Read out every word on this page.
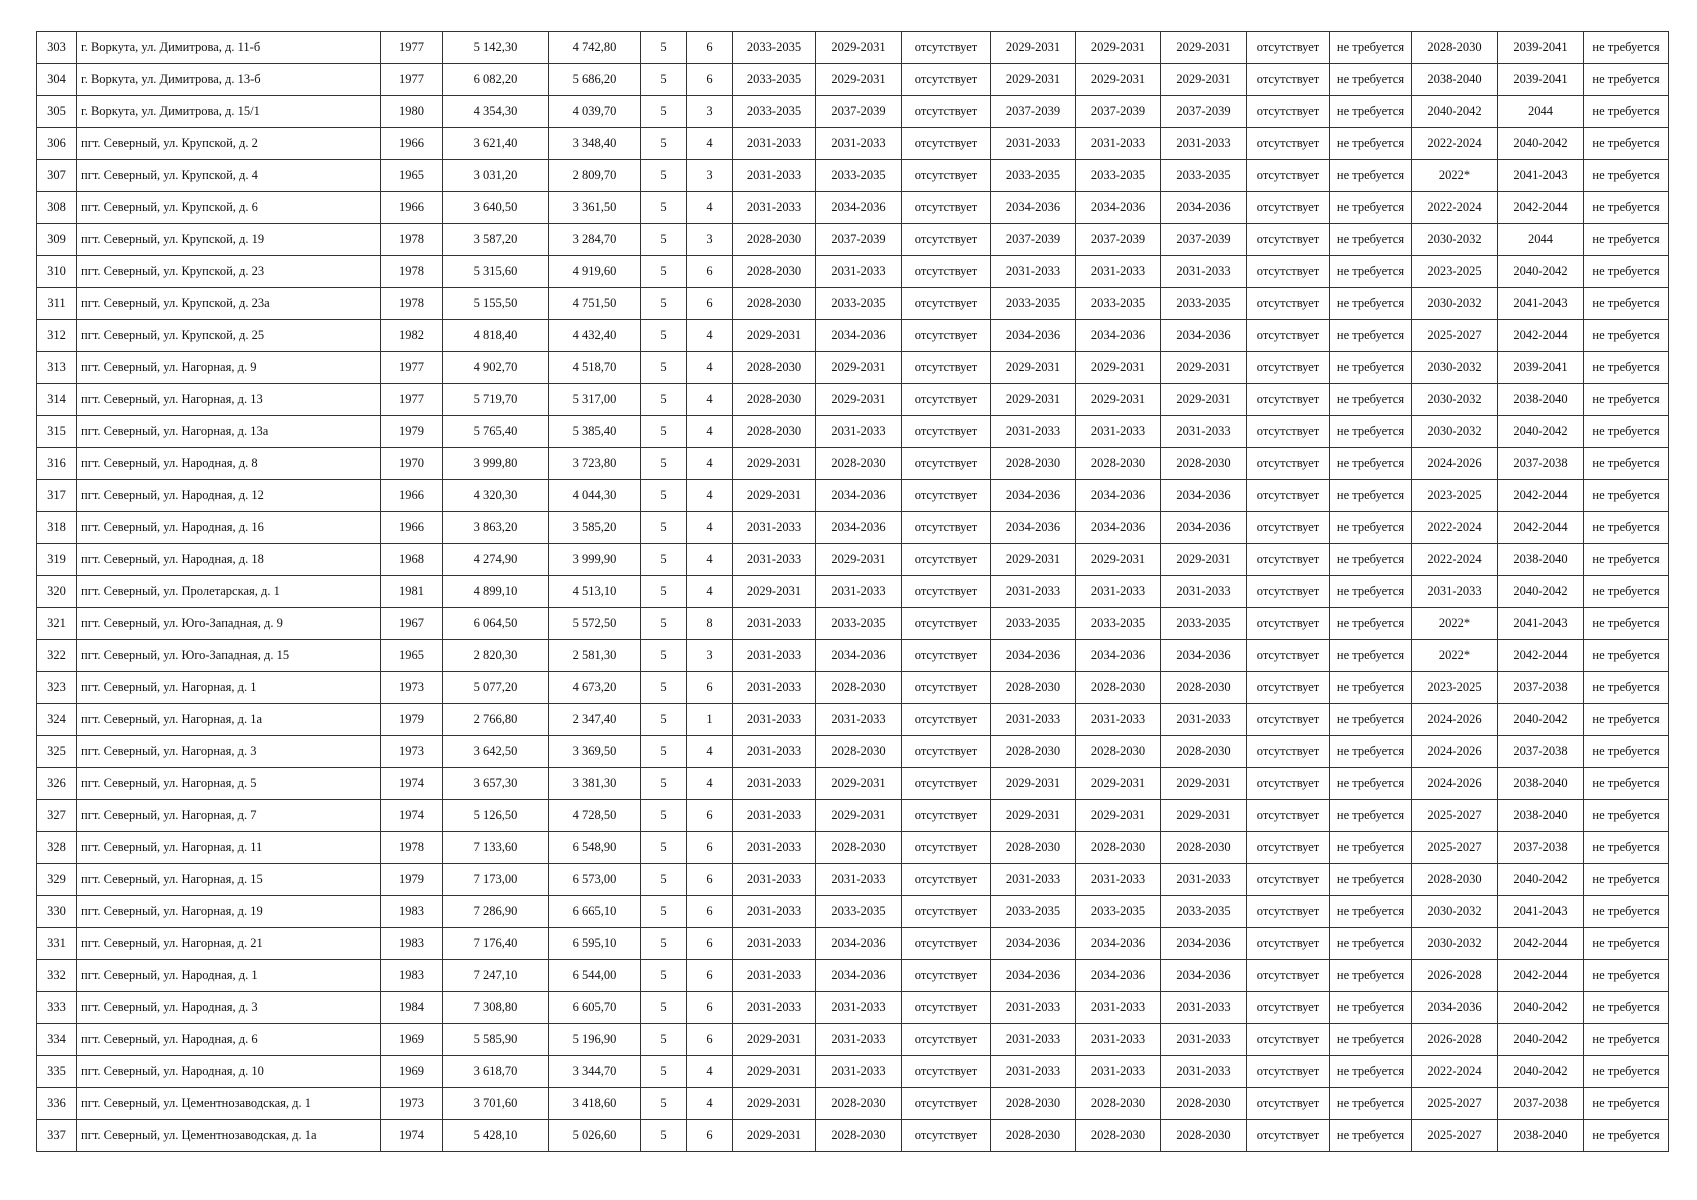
303	г. Воркута, ул. Димитрова, д. 11-б	1977	5 142,30	4 742,80	5	6	2033-2035	2029-2031	отсутствует	2029-2031	2029-2031	2029-2031	отсутствует	не требуется	2028-2030	2039-2041	не требуется
304	г. Воркута, ул. Димитрова, д. 13-б	1977	6 082,20	5 686,20	5	6	2033-2035	2029-2031	отсутствует	2029-2031	2029-2031	2029-2031	отсутствует	не требуется	2038-2040	2039-2041	не требуется
305	г. Воркута, ул. Димитрова, д. 15/1	1980	4 354,30	4 039,70	5	3	2033-2035	2037-2039	отсутствует	2037-2039	2037-2039	2037-2039	отсутствует	не требуется	2040-2042	2044	не требуется
306	пгт. Северный, ул. Крупской, д. 2	1966	3 621,40	3 348,40	5	4	2031-2033	2031-2033	отсутствует	2031-2033	2031-2033	2031-2033	отсутствует	не требуется	2022-2024	2040-2042	не требуется
307	пгт. Северный, ул. Крупской, д. 4	1965	3 031,20	2 809,70	5	3	2031-2033	2033-2035	отсутствует	2033-2035	2033-2035	2033-2035	отсутствует	не требуется	2022*	2041-2043	не требуется
308	пгт. Северный, ул. Крупской, д. 6	1966	3 640,50	3 361,50	5	4	2031-2033	2034-2036	отсутствует	2034-2036	2034-2036	2034-2036	отсутствует	не требуется	2022-2024	2042-2044	не требуется
309	пгт. Северный, ул. Крупской, д. 19	1978	3 587,20	3 284,70	5	3	2028-2030	2037-2039	отсутствует	2037-2039	2037-2039	2037-2039	отсутствует	не требуется	2030-2032	2044	не требуется
310	пгт. Северный, ул. Крупской, д. 23	1978	5 315,60	4 919,60	5	6	2028-2030	2031-2033	отсутствует	2031-2033	2031-2033	2031-2033	отсутствует	не требуется	2023-2025	2040-2042	не требуется
311	пгт. Северный, ул. Крупской, д. 23а	1978	5 155,50	4 751,50	5	6	2028-2030	2033-2035	отсутствует	2033-2035	2033-2035	2033-2035	отсутствует	не требуется	2030-2032	2041-2043	не требуется
312	пгт. Северный, ул. Крупской, д. 25	1982	4 818,40	4 432,40	5	4	2029-2031	2034-2036	отсутствует	2034-2036	2034-2036	2034-2036	отсутствует	не требуется	2025-2027	2042-2044	не требуется
313	пгт. Северный, ул. Нагорная, д. 9	1977	4 902,70	4 518,70	5	4	2028-2030	2029-2031	отсутствует	2029-2031	2029-2031	2029-2031	отсутствует	не требуется	2030-2032	2039-2041	не требуется
314	пгт. Северный, ул. Нагорная, д. 13	1977	5 719,70	5 317,00	5	4	2028-2030	2029-2031	отсутствует	2029-2031	2029-2031	2029-2031	отсутствует	не требуется	2030-2032	2038-2040	не требуется
315	пгт. Северный, ул. Нагорная, д. 13а	1979	5 765,40	5 385,40	5	4	2028-2030	2031-2033	отсутствует	2031-2033	2031-2033	2031-2033	отсутствует	не требуется	2030-2032	2040-2042	не требуется
316	пгт. Северный, ул. Народная, д. 8	1970	3 999,80	3 723,80	5	4	2029-2031	2028-2030	отсутствует	2028-2030	2028-2030	2028-2030	отсутствует	не требуется	2024-2026	2037-2038	не требуется
317	пгт. Северный, ул. Народная, д. 12	1966	4 320,30	4 044,30	5	4	2029-2031	2034-2036	отсутствует	2034-2036	2034-2036	2034-2036	отсутствует	не требуется	2023-2025	2042-2044	не требуется
318	пгт. Северный, ул. Народная, д. 16	1966	3 863,20	3 585,20	5	4	2031-2033	2034-2036	отсутствует	2034-2036	2034-2036	2034-2036	отсутствует	не требуется	2022-2024	2042-2044	не требуется
319	пгт. Северный, ул. Народная, д. 18	1968	4 274,90	3 999,90	5	4	2031-2033	2029-2031	отсутствует	2029-2031	2029-2031	2029-2031	отсутствует	не требуется	2022-2024	2038-2040	не требуется
320	пгт. Северный, ул. Пролетарская, д. 1	1981	4 899,10	4 513,10	5	4	2029-2031	2031-2033	отсутствует	2031-2033	2031-2033	2031-2033	отсутствует	не требуется	2031-2033	2040-2042	не требуется
321	пгт. Северный, ул. Юго-Западная, д. 9	1967	6 064,50	5 572,50	5	8	2031-2033	2033-2035	отсутствует	2033-2035	2033-2035	2033-2035	отсутствует	не требуется	2022*	2041-2043	не требуется
322	пгт. Северный, ул. Юго-Западная, д. 15	1965	2 820,30	2 581,30	5	3	2031-2033	2034-2036	отсутствует	2034-2036	2034-2036	2034-2036	отсутствует	не требуется	2022*	2042-2044	не требуется
323	пгт. Северный, ул. Нагорная, д. 1	1973	5 077,20	4 673,20	5	6	2031-2033	2028-2030	отсутствует	2028-2030	2028-2030	2028-2030	отсутствует	не требуется	2023-2025	2037-2038	не требуется
324	пгт. Северный, ул. Нагорная, д. 1а	1979	2 766,80	2 347,40	5	1	2031-2033	2031-2033	отсутствует	2031-2033	2031-2033	2031-2033	отсутствует	не требуется	2024-2026	2040-2042	не требуется
325	пгт. Северный, ул. Нагорная, д. 3	1973	3 642,50	3 369,50	5	4	2031-2033	2028-2030	отсутствует	2028-2030	2028-2030	2028-2030	отсутствует	не требуется	2024-2026	2037-2038	не требуется
326	пгт. Северный, ул. Нагорная, д. 5	1974	3 657,30	3 381,30	5	4	2031-2033	2029-2031	отсутствует	2029-2031	2029-2031	2029-2031	отсутствует	не требуется	2024-2026	2038-2040	не требуется
327	пгт. Северный, ул. Нагорная, д. 7	1974	5 126,50	4 728,50	5	6	2031-2033	2029-2031	отсутствует	2029-2031	2029-2031	2029-2031	отсутствует	не требуется	2025-2027	2038-2040	не требуется
328	пгт. Северный, ул. Нагорная, д. 11	1978	7 133,60	6 548,90	5	6	2031-2033	2028-2030	отсутствует	2028-2030	2028-2030	2028-2030	отсутствует	не требуется	2025-2027	2037-2038	не требуется
329	пгт. Северный, ул. Нагорная, д. 15	1979	7 173,00	6 573,00	5	6	2031-2033	2031-2033	отсутствует	2031-2033	2031-2033	2031-2033	отсутствует	не требуется	2028-2030	2040-2042	не требуется
330	пгт. Северный, ул. Нагорная, д. 19	1983	7 286,90	6 665,10	5	6	2031-2033	2033-2035	отсутствует	2033-2035	2033-2035	2033-2035	отсутствует	не требуется	2030-2032	2041-2043	не требуется
331	пгт. Северный, ул. Нагорная, д. 21	1983	7 176,40	6 595,10	5	6	2031-2033	2034-2036	отсутствует	2034-2036	2034-2036	2034-2036	отсутствует	не требуется	2030-2032	2042-2044	не требуется
332	пгт. Северный, ул. Народная, д. 1	1983	7 247,10	6 544,00	5	6	2031-2033	2034-2036	отсутствует	2034-2036	2034-2036	2034-2036	отсутствует	не требуется	2026-2028	2042-2044	не требуется
333	пгт. Северный, ул. Народная, д. 3	1984	7 308,80	6 605,70	5	6	2031-2033	2031-2033	отсутствует	2031-2033	2031-2033	2031-2033	отсутствует	не требуется	2034-2036	2040-2042	не требуется
334	пгт. Северный, ул. Народная, д. 6	1969	5 585,90	5 196,90	5	6	2029-2031	2031-2033	отсутствует	2031-2033	2031-2033	2031-2033	отсутствует	не требуется	2026-2028	2040-2042	не требуется
335	пгт. Северный, ул. Народная, д. 10	1969	3 618,70	3 344,70	5	4	2029-2031	2031-2033	отсутствует	2031-2033	2031-2033	2031-2033	отсутствует	не требуется	2022-2024	2040-2042	не требуется
336	пгт. Северный, ул. Цементнозаводская, д. 1	1973	3 701,60	3 418,60	5	4	2029-2031	2028-2030	отсутствует	2028-2030	2028-2030	2028-2030	отсутствует	не требуется	2025-2027	2037-2038	не требуется
337	пгт. Северный, ул. Цементнозаводская, д. 1а	1974	5 428,10	5 026,60	5	6	2029-2031	2028-2030	отсутствует	2028-2030	2028-2030	2028-2030	отсутствует	не требуется	2025-2027	2038-2040	не требуется
